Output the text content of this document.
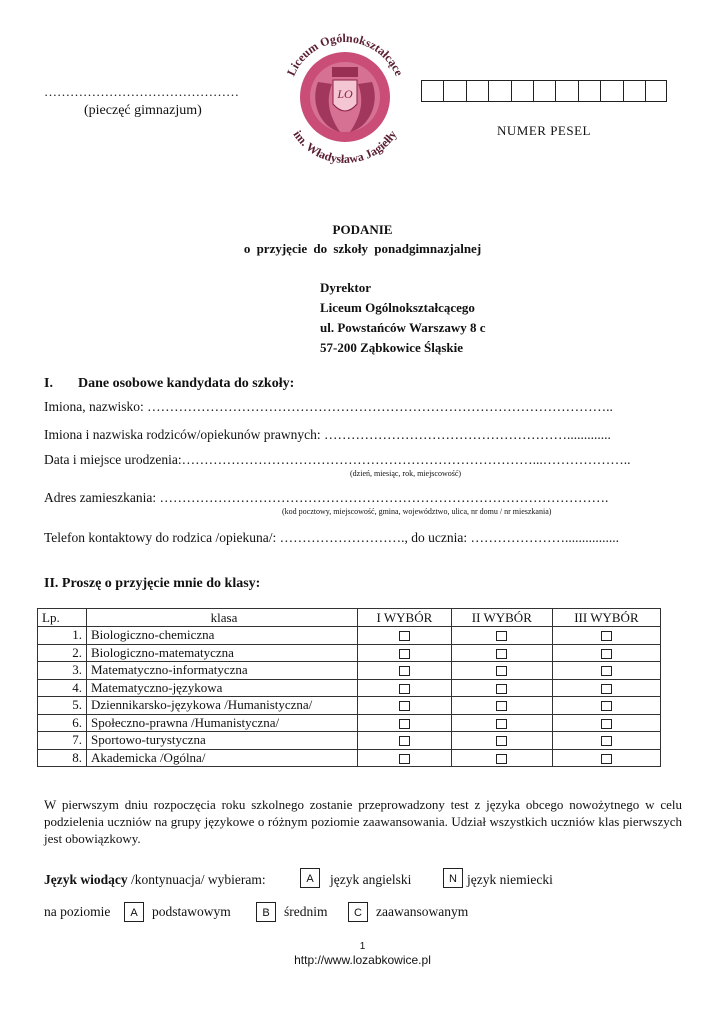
………………………………………
(pieczęć gimnazjum)
LO
Liceum Ogólnokształcące
im. Władysława Jagiełły	NUMER PESEL
PODANIE
o przyjęcie do szkoły ponadgimnazjalnej
Dyrektor
Liceum Ogólnokształcącego
ul. Powstańców Warszawy 8 c
57-200 Ząbkowice Śląskie
I. Dane osobowe kandydata do szkoły:
Imiona, nazwisko: …………………………………………………………………………………………..
Imiona i nazwiska rodziców/opiekunów prawnych: ……………………………………………….............
Data i miejsce urodzenia:……………………………………………………………………...………………..
(dzień, miesiąc, rok, miejscowość)
Adres zamieszkania: ……………………………………………………………………………………….
(kod pocztowy, miejscowość, gmina, województwo, ulica, nr domu / nr mieszkania)
Telefon kontaktowy do rodzica /opiekuna/: ………………………., do ucznia: …………………................
II. Proszę o przyjęcie mnie do klasy:
Lp.	klasa	I WYBÓR	II WYBÓR	III WYBÓR
1.	Biologiczno-chemiczna			
2.	Biologiczno-matematyczna			
3.	Matematyczno-informatyczna			
4.	Matematyczno-językowa			
5.	Dziennikarsko-językowa /Humanistyczna/			
6.	Społeczno-prawna /Humanistyczna/			
7.	Sportowo-turystyczna			
8.	Akademicka /Ogólna/			
W pierwszym dniu rozpoczęcia roku szkolnego zostanie przeprowadzony test z języka obcego nowożytnego w celu podzielenia uczniów na grupy językowe o różnym poziomie zaawansowania. Udział wszystkich uczniów klas pierwszych jest obowiązkowy.
Język wiodący /kontynuacja/ wybieram:	A	język angielski	N język niemiecki
na poziomie	A	podstawowym	B	średnim	C	zaawansowanym
1
http://www.lozabkowice.pl
